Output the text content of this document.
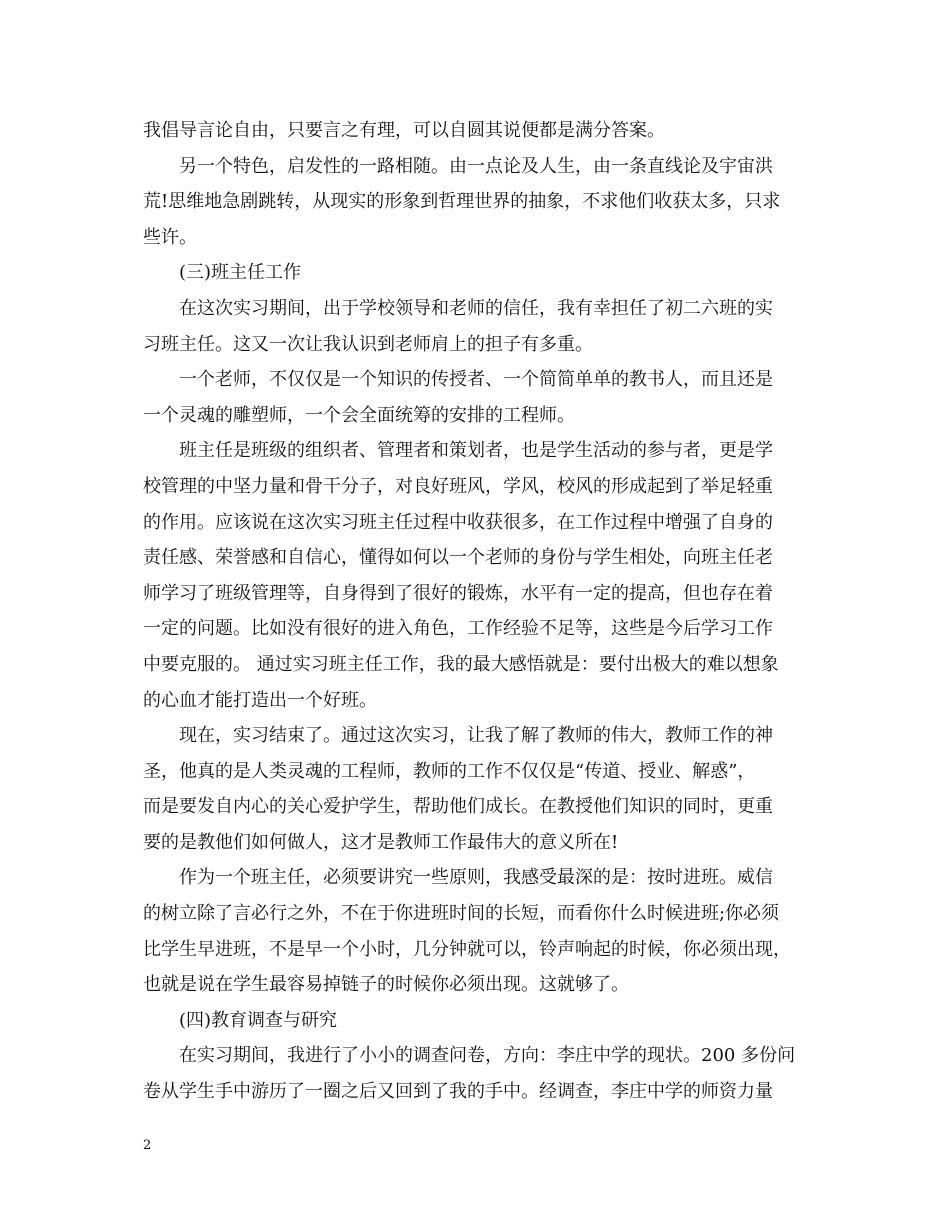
我倡导言论自由，只要言之有理，可以自圆其说便都是满分答案。
另一个特色，启发性的一路相随。由一点论及人生，由一条直线论及宇宙洪
荒!思维地急剧跳转，从现实的形象到哲理世界的抽象，不求他们收获太多，只求
些许。
(三)班主任工作
在这次实习期间，出于学校领导和老师的信任，我有幸担任了初二六班的实
习班主任。这又一次让我认识到老师肩上的担子有多重。
一个老师，不仅仅是一个知识的传授者、一个简简单单的教书人，而且还是
一个灵魂的雕塑师，一个会全面统筹的安排的工程师。
班主任是班级的组织者、管理者和策划者，也是学生活动的参与者，更是学
校管理的中坚力量和骨干分子，对良好班风，学风，校风的形成起到了举足轻重
的作用。应该说在这次实习班主任过程中收获很多，在工作过程中增强了自身的
责任感、荣誉感和自信心，懂得如何以一个老师的身份与学生相处，向班主任老
师学习了班级管理等，自身得到了很好的锻炼，水平有一定的提高，但也存在着
一定的问题。比如没有很好的进入角色，工作经验不足等，这些是今后学习工作
中要克服的。 通过实习班主任工作，我的最大感悟就是：要付出极大的难以想象
的心血才能打造出一个好班。
现在，实习结束了。通过这次实习，让我了解了教师的伟大，教师工作的神
圣，他真的是人类灵魂的工程师，教师的工作不仅仅是“传道、授业、解惑”，
而是要发自内心的关心爱护学生，帮助他们成长。在教授他们知识的同时，更重
要的是教他们如何做人，这才是教师工作最伟大的意义所在!
作为一个班主任，必须要讲究一些原则，我感受最深的是：按时进班。威信
的树立除了言必行之外，不在于你进班时间的长短，而看你什么时候进班;你必须
比学生早进班，不是早一个小时，几分钟就可以，铃声响起的时候，你必须出现，
也就是说在学生最容易掉链子的时候你必须出现。这就够了。
(四)教育调查与研究
在实习期间，我进行了小小的调查问卷，方向：李庄中学的现状。200 多份问
卷从学生手中游历了一圈之后又回到了我的手中。经调查，李庄中学的师资力量
2
